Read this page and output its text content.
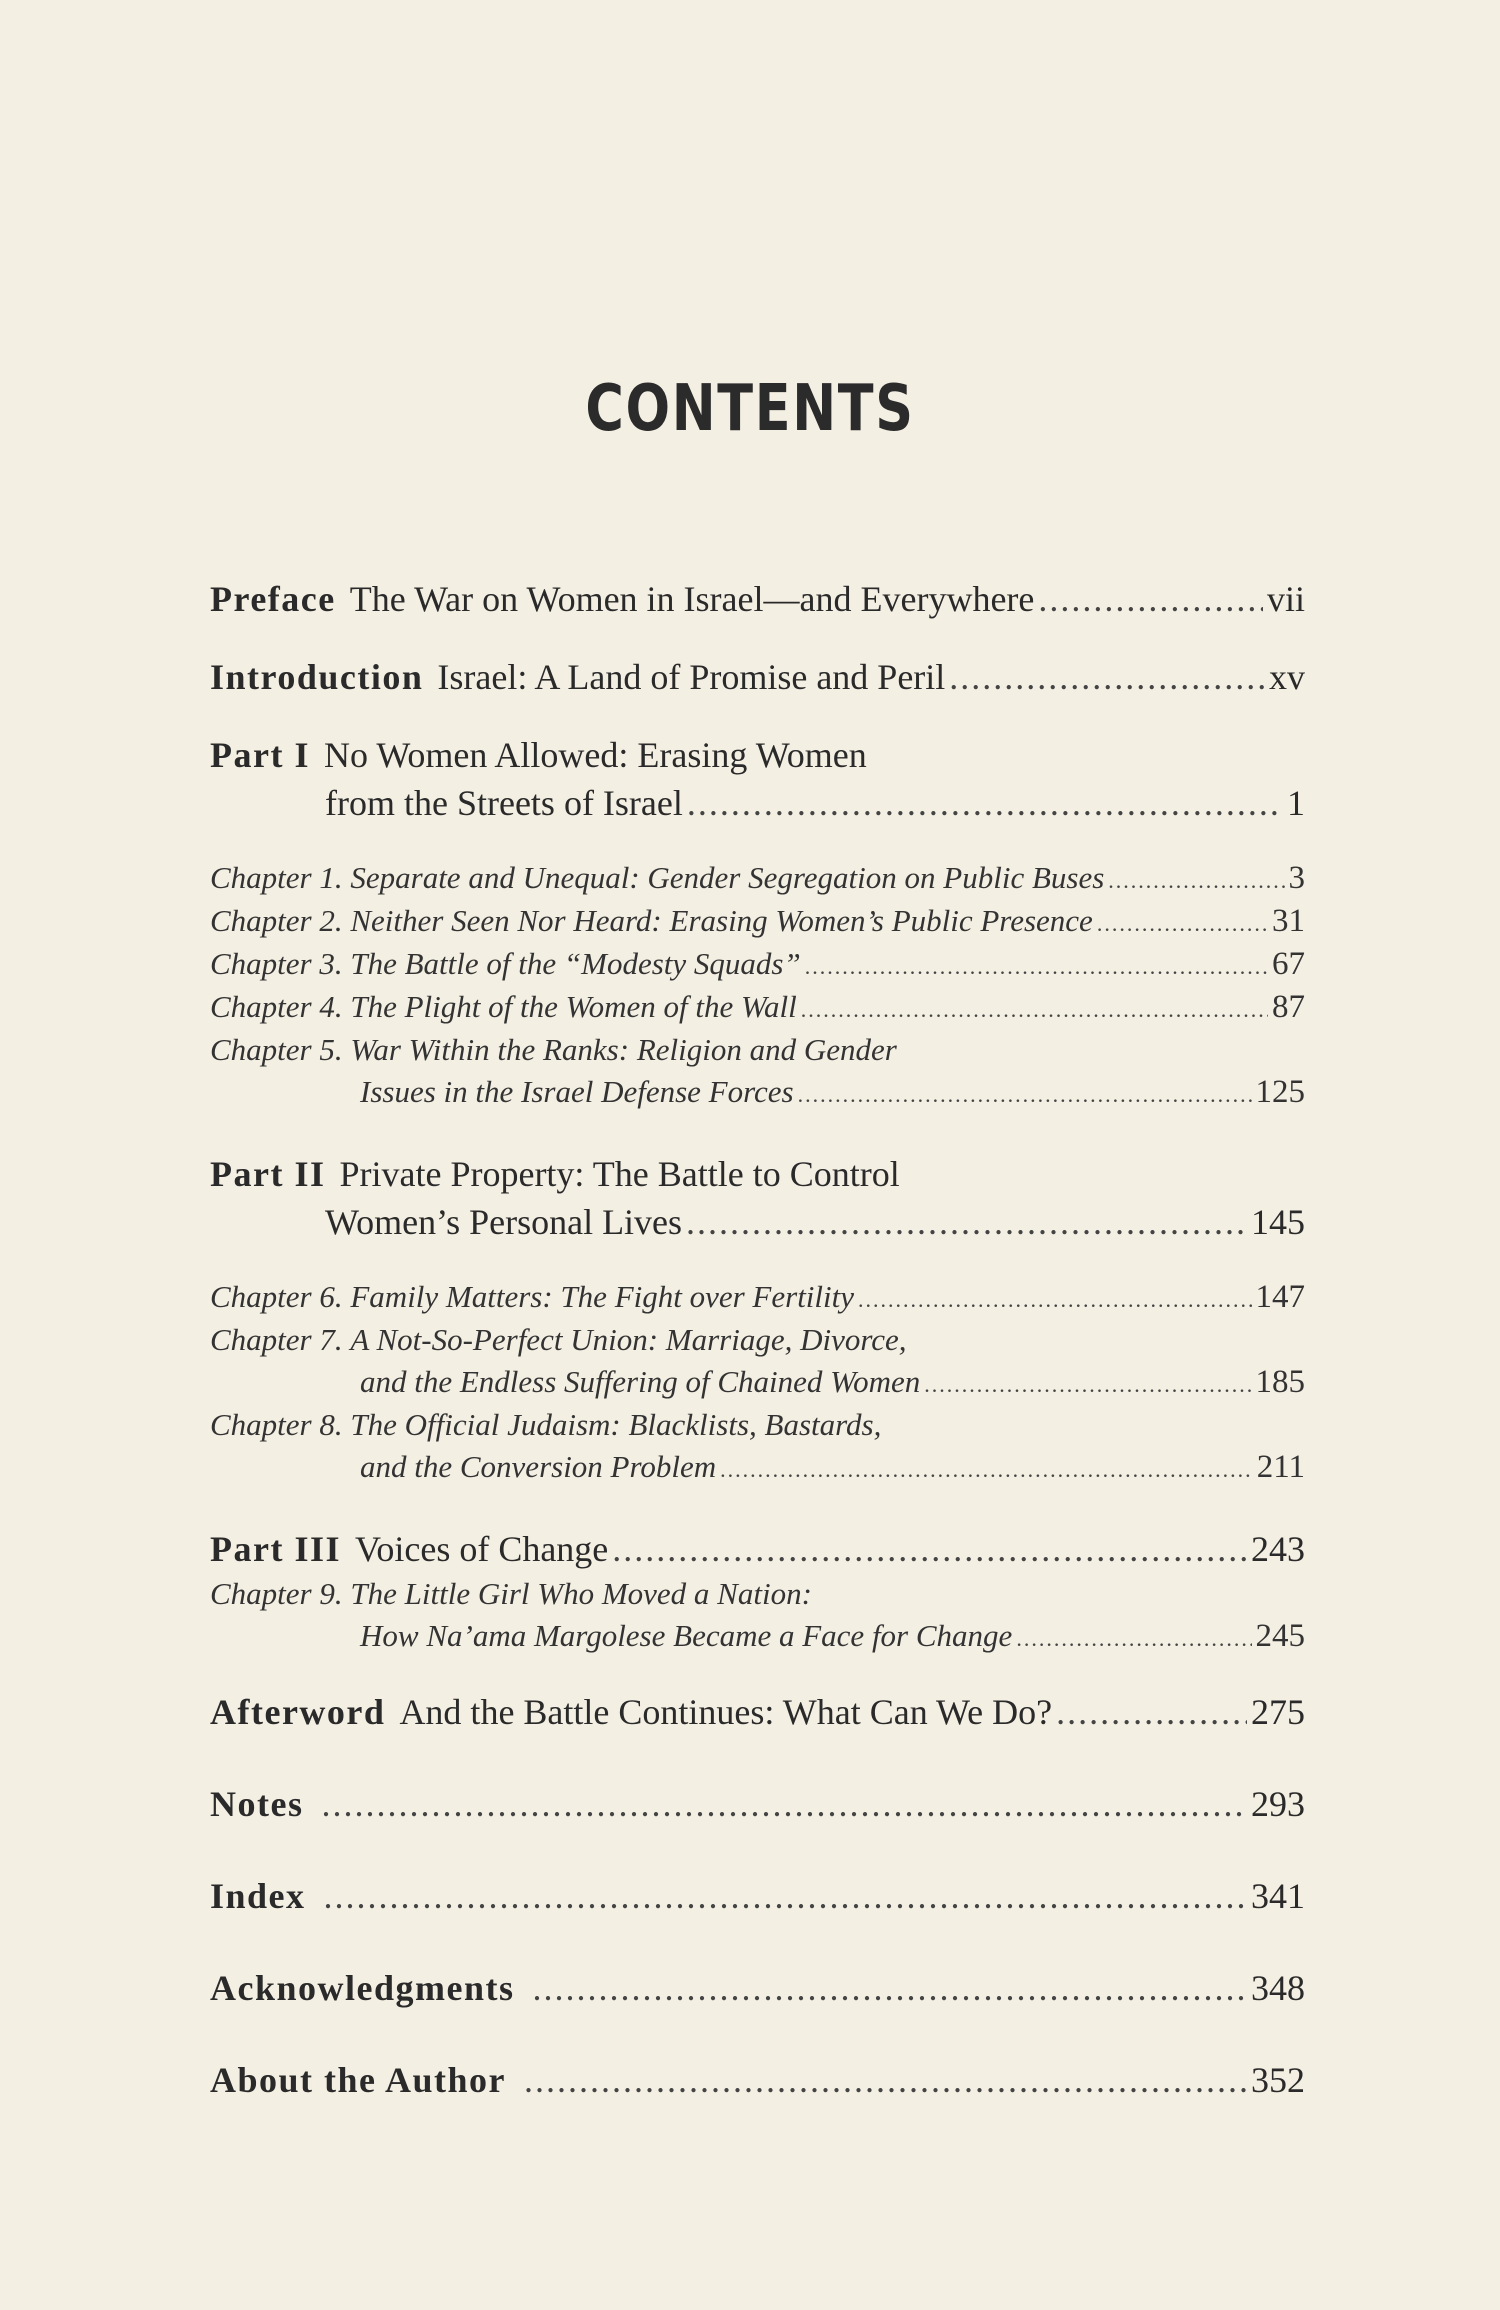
CONTENTS
Preface The War on Women in Israel—and Everywhere .....	vii
Introduction Israel: A Land of Promise and Peril .....	xv
Part I No Women Allowed: Erasing Women
from the Streets of Israel .....	1
Chapter 1.
Separate and Unequal: Gender Segregation on Public Buses .....	3
Chapter 2.
Neither Seen Nor Heard: Erasing Women’s Public Presence .....	31
Chapter 3.
The Battle of the “Modesty Squads” .....	67
Chapter 4.
The Plight of the Women of the Wall .....	87
Chapter 5.
War Within the Ranks: Religion and Gender
Issues in the Israel Defense Forces .....	125
Part II Private Property: The Battle to Control
Women’s Personal Lives .....	145
Chapter 6.
Family Matters: The Fight over Fertility .....	147
Chapter 7.
A Not-So-Perfect Union: Marriage, Divorce,
and the Endless Suffering of Chained Women .....	185
Chapter 8.
The Official Judaism: Blacklists, Bastards,
and the Conversion Problem .....	211
Part III Voices of Change .....	243
Chapter 9.
The Little Girl Who Moved a Nation:
How Na’ama Margolese Became a Face for Change .....	245
Afterword And the Battle Continues: What Can We Do? .....	275
Notes .....	293
Index .....	341
Acknowledgments .....	348
About the Author .....	352
